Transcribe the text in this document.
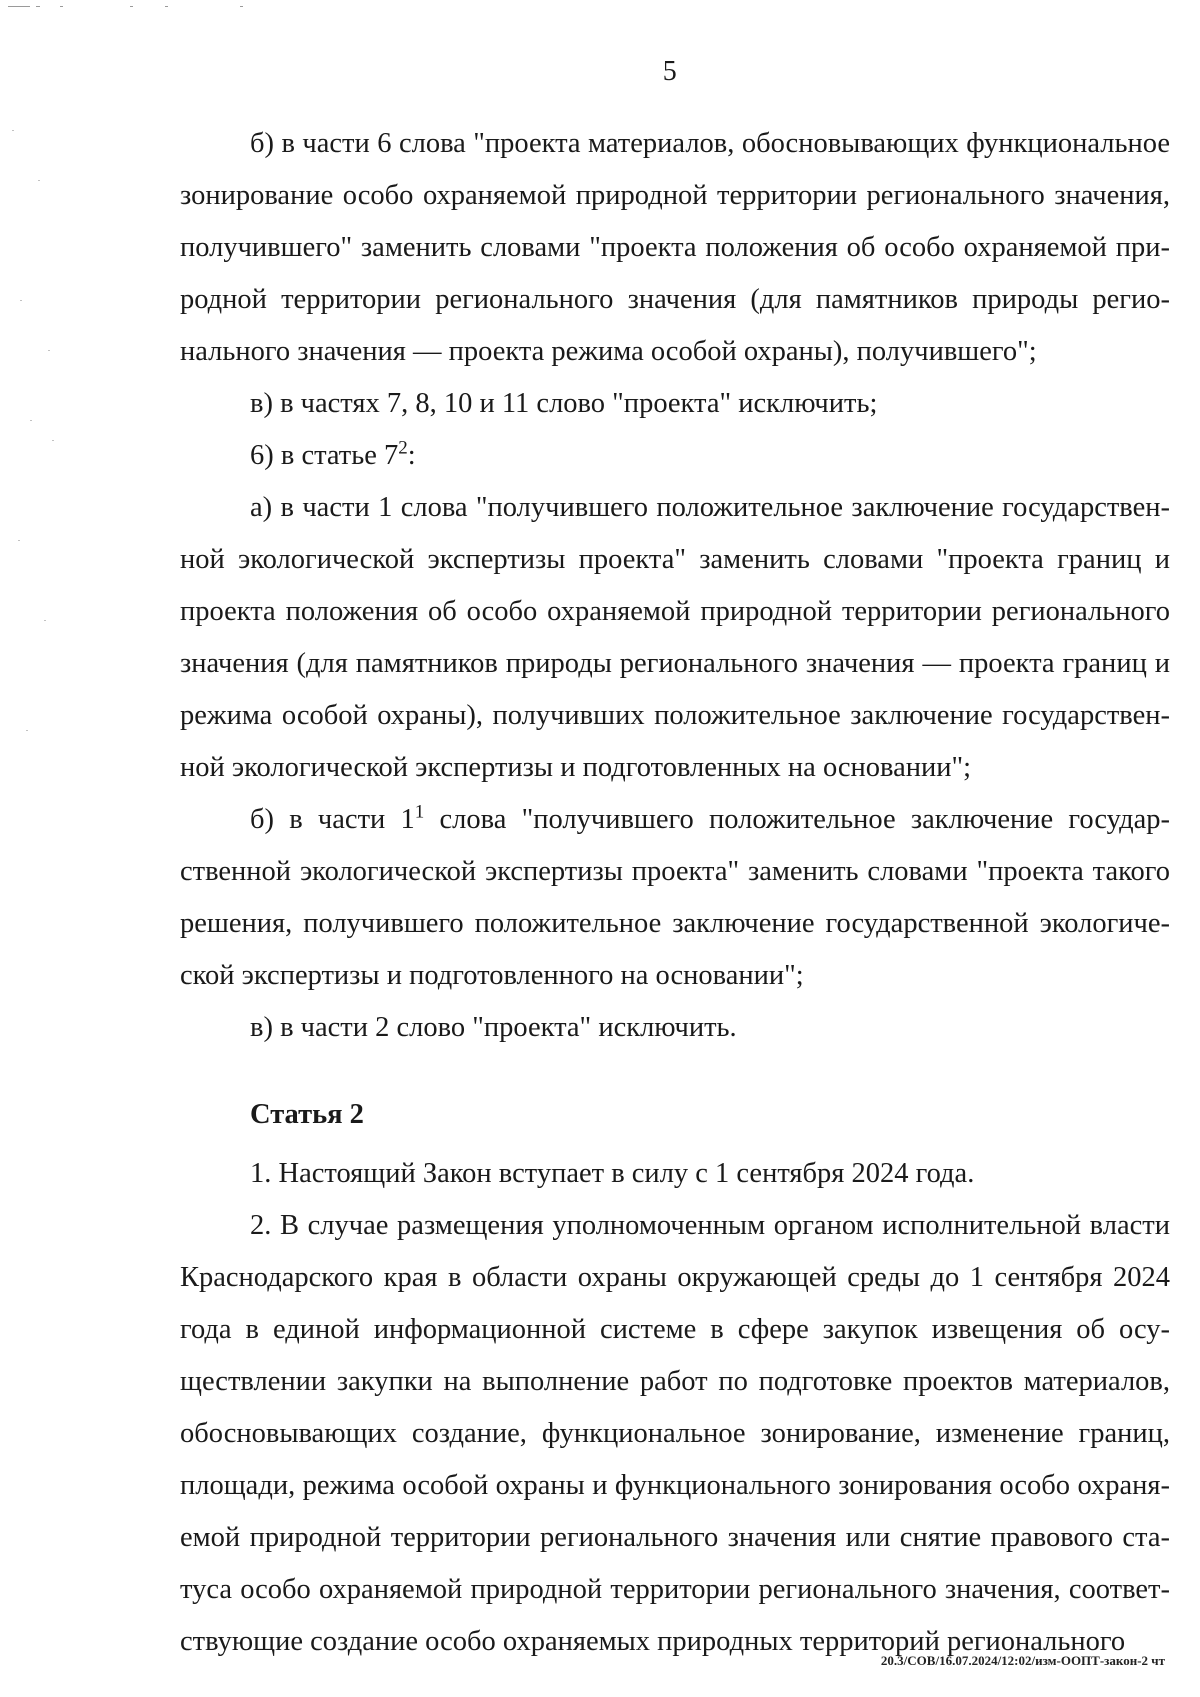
5

б) в части 6 слова "проекта материалов, обосновывающих функциональное зонирование особо охраняемой природной территории регионального значения, получившего" заменить словами "проекта положения об особо охраняемой природной территории регионального значения (для памятников природы регионального значения — проекта режима особой охраны), получившего";

в) в частях 7, 8, 10 и 11 слово "проекта" исключить;

6) в статье $7^2$:

а) в части 1 слова "получившего положительное заключение государственной экологической экспертизы проекта" заменить словами "проекта границ и проекта положения об особо охраняемой природной территории регионального значения (для памятников природы регионального значения — проекта границ и режима особой охраны), получивших положительное заключение государственной экологической экспертизы и подготовленных на основании";

б) в части $1^1$ слова "получившего положительное заключение государственной экологической экспертизы проекта" заменить словами "проекта такого решения, получившего положительное заключение государственной экологической экспертизы и подготовленного на основании";

в) в части 2 слово "проекта" исключить.

Статья 2

1. Настоящий Закон вступает в силу с 1 сентября 2024 года.

2. В случае размещения уполномоченным органом исполнительной власти Краснодарского края в области охраны окружающей среды до 1 сентября 2024 года в единой информационной системе в сфере закупок извещения об осуществлении закупки на выполнение работ по подготовке проектов материалов, обосновывающих создание, функциональное зонирование, изменение границ, площади, режима особой охраны и функционального зонирования особо охраняемой природной территории регионального значения или снятие правового статуса особо охраняемой природной территории регионального значения, соответствующие создание особо охраняемых природных территорий регионального

20.3/СОВ/16.07.2024/12:02/изм-ООПТ-закон-2 чт
